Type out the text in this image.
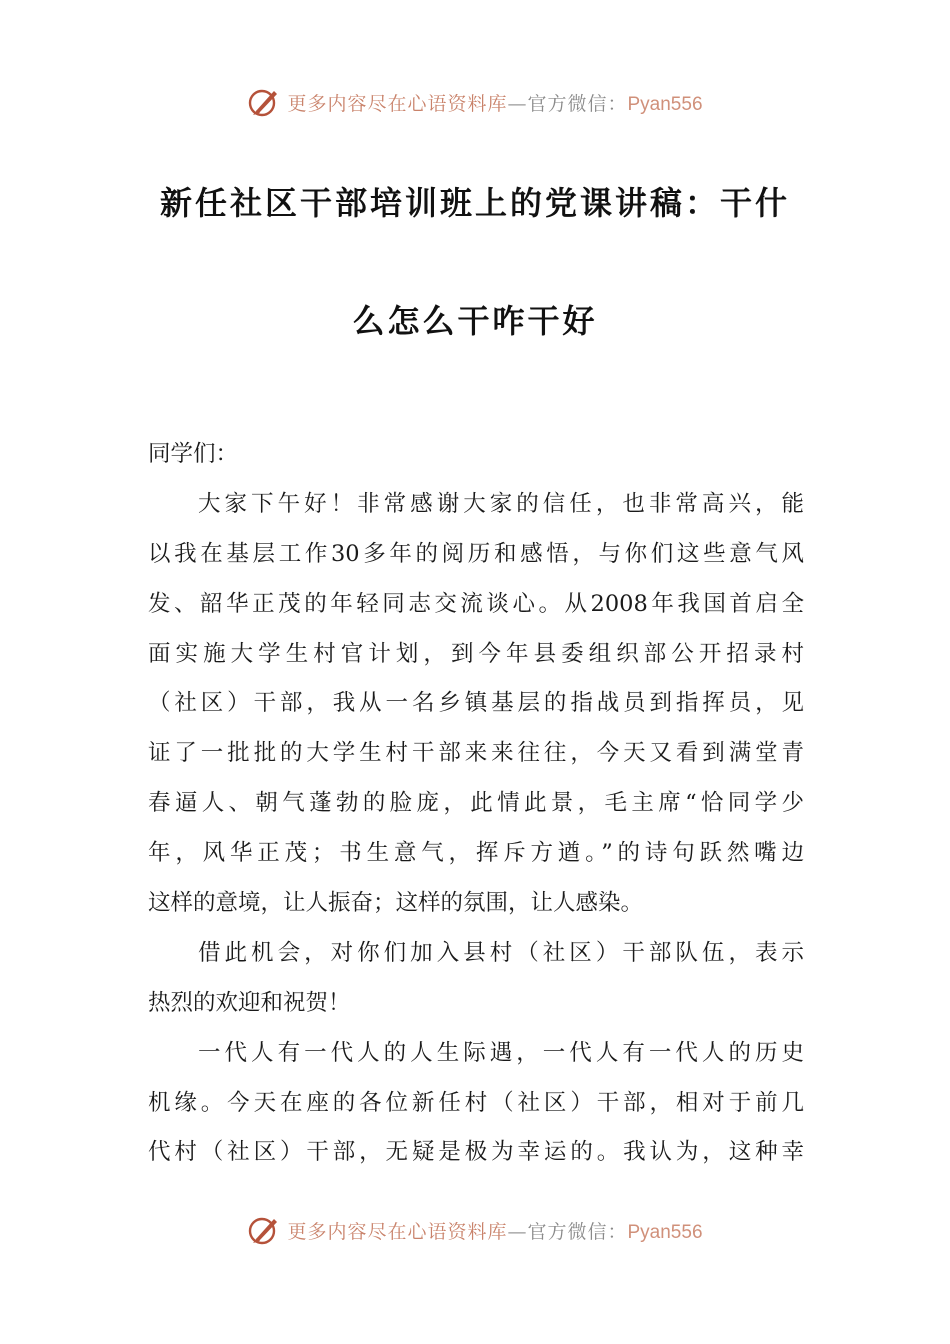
更多内容尽在心语资料库—官方微信：Pyan556
新任社区干部培训班上的党课讲稿：干什
么怎么干咋干好
同学们：
大家下午好！非常感谢大家的信任，也非常高兴，能
以我在基层工作30多年的阅历和感悟，与你们这些意气风
发、韶华正茂的年轻同志交流谈心。从2008年我国首启全
面实施大学生村官计划，到今年县委组织部公开招录村
（社区）干部，我从一名乡镇基层的指战员到指挥员，见
证了一批批的大学生村干部来来往往，今天又看到满堂青
春逼人、朝气蓬勃的脸庞，此情此景，毛主席“恰同学少
年，风华正茂；书生意气，挥斥方遒。”的诗句跃然嘴边
这样的意境，让人振奋；这样的氛围，让人感染。
借此机会，对你们加入县村（社区）干部队伍，表示
热烈的欢迎和祝贺！
一代人有一代人的人生际遇，一代人有一代人的历史
机缘。今天在座的各位新任村（社区）干部，相对于前几
代村（社区）干部，无疑是极为幸运的。我认为，这种幸
更多内容尽在心语资料库—官方微信：Pyan556
